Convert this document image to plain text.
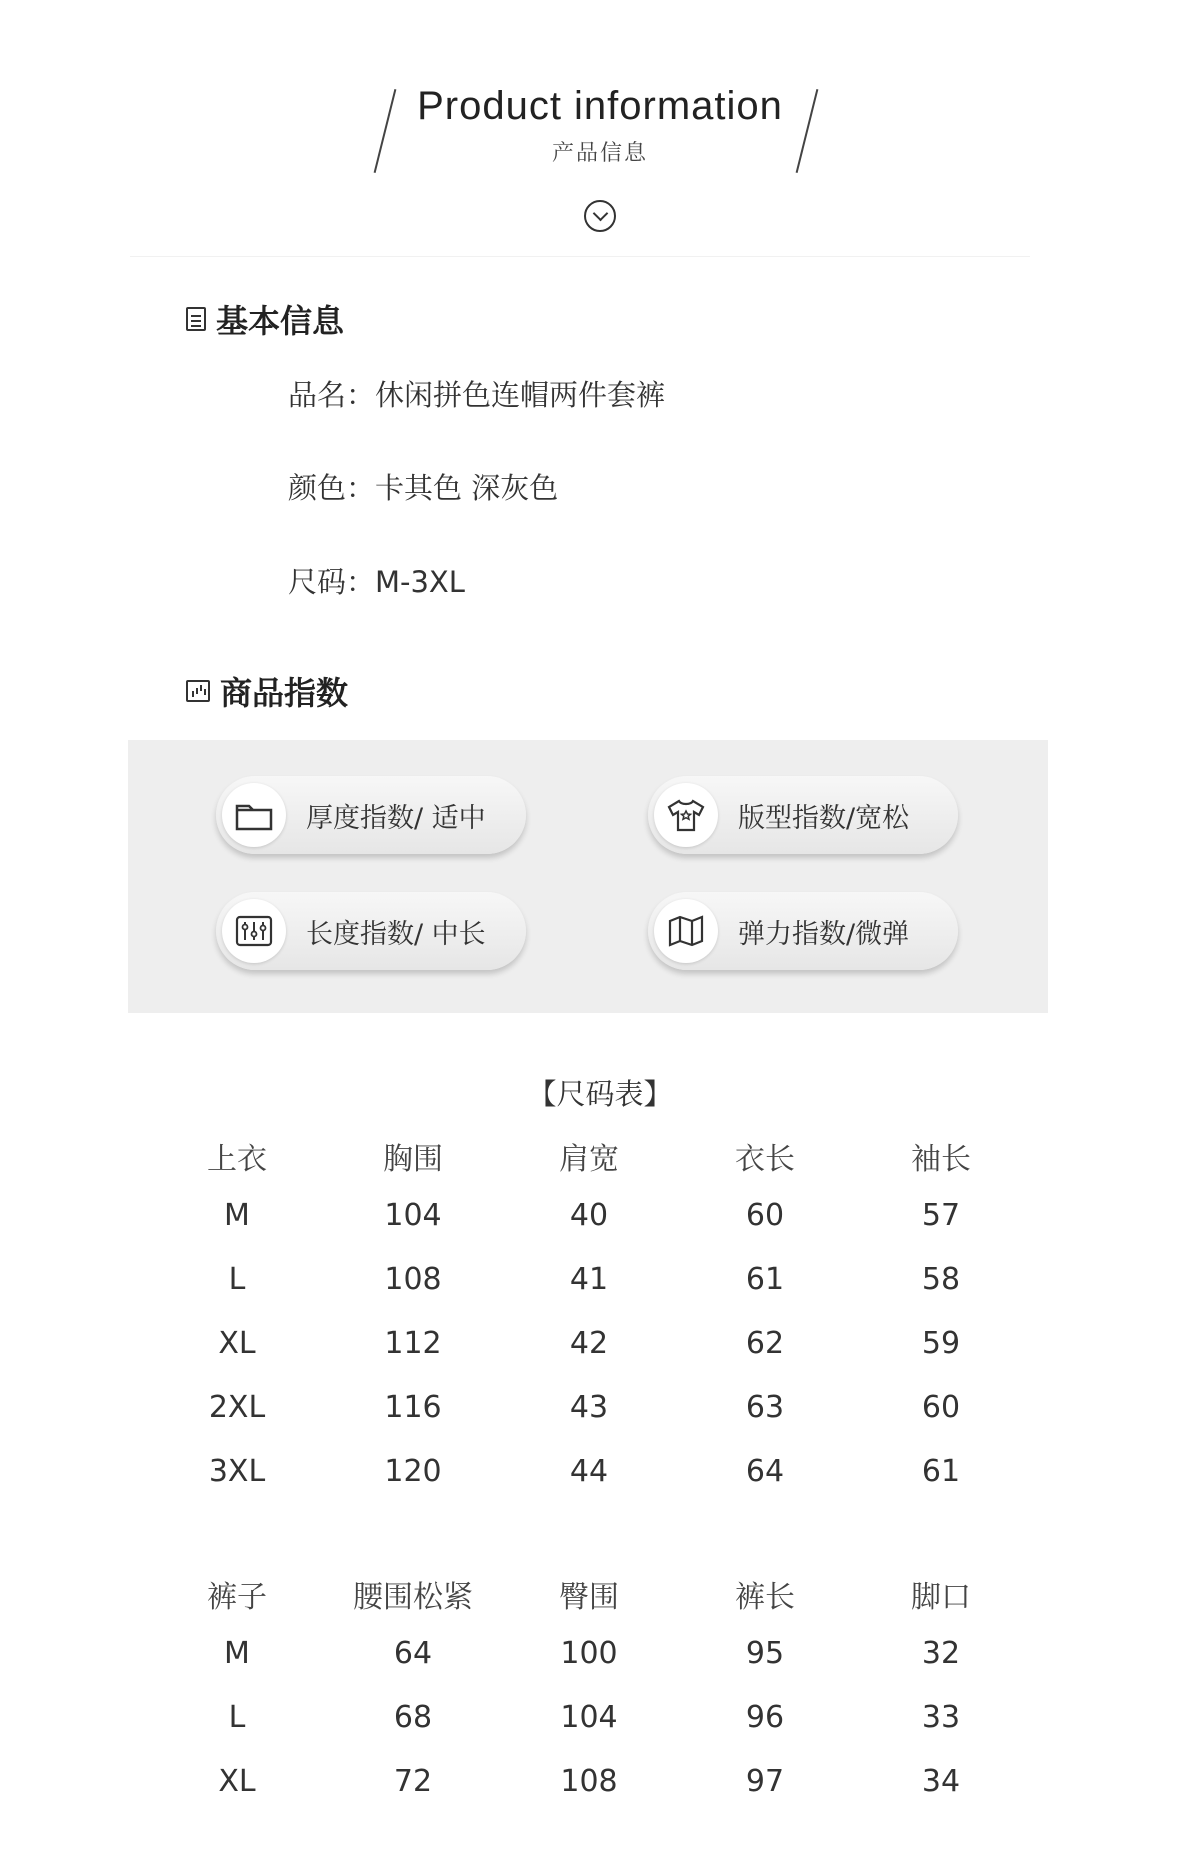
Product information
产品信息
基本信息
品名：休闲拼色连帽两件套裤
颜色：卡其色 深灰色
尺码：M-3XL
商品指数
厚度指数/ 适中	版型指数/宽松
长度指数/ 中长	弹力指数/微弹
【尺码表】
上衣	胸围	肩宽	衣长	袖长
M	104	40	60	57
L	108	41	61	58
XL	112	42	62	59
2XL	116	43	63	60
3XL	120	44	64	61
裤子	腰围松紧	臀围	裤长	脚口
M	64	100	95	32
L	68	104	96	33
XL	72	108	97	34
